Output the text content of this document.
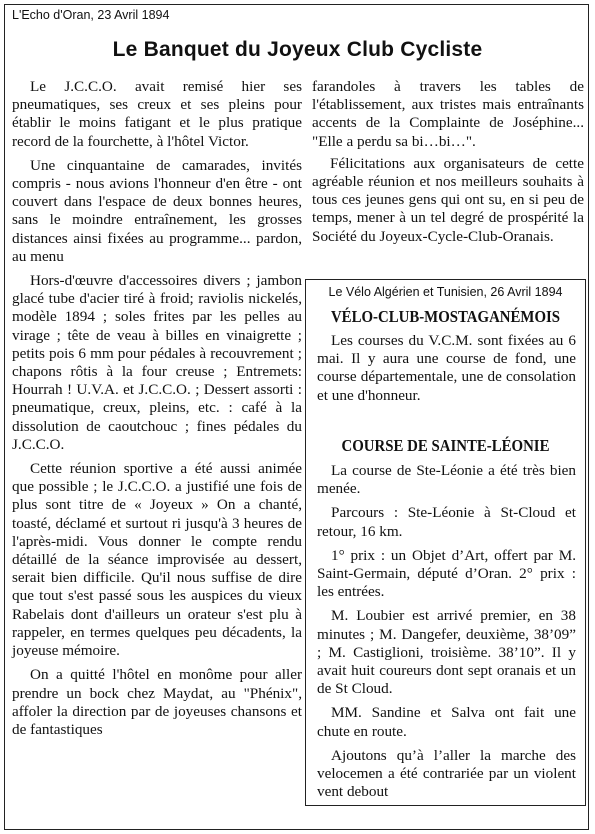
L'Echo d'Oran, 23 Avril 1894
Le Banquet du Joyeux Club Cycliste

Le J.C.C.O. avait remisé hier ses pneumatiques, ses creux et ses pleins pour établir le moins fatigant et le plus pratique record de la fourchette, à l'hôtel Victor.

Une cinquantaine de camarades, invités compris - nous avions l'honneur d'en être - ont couvert dans l'espace de deux bonnes heures, sans le moindre entraînement, les grosses distances ainsi fixées au programme... pardon, au menu

Hors-d'œuvre d'accessoires divers ; jambon glacé tube d'acier tiré à froid; raviolis nickelés, modèle 1894 ; soles frites par les pelles au virage ; tête de veau à billes en vinaigrette ; petits pois 6 mm pour pédales à recouvrement ; chapons rôtis à la four creuse ; Entremets: Hourrah ! U.V.A. et J.C.C.O. ; Dessert assorti : pneumatique, creux, pleins, etc. : café à la dissolution de caoutchouc ; fines pédales du J.C.C.O.

Cette réunion sportive a été aussi animée que possible ; le J.C.C.O. a justifié une fois de plus sont titre de « Joyeux » On a chanté, toasté, déclamé et surtout ri jusqu'à 3 heures de l'après-midi. Vous donner le compte rendu détaillé de la séance improvisée au dessert, serait bien difficile. Qu'il nous suffise de dire que tout s'est passé sous les auspices du vieux Rabelais dont d'ailleurs un orateur s'est plu à rappeler, en termes quelques peu décadents, la joyeuse mémoire.

On a quitté l'hôtel en monôme pour aller prendre un bock chez Maydat, au "Phénix", affoler la direction par de joyeuses chansons et de fantastiques

farandoles à travers les tables de l'établissement, aux tristes mais entraînants accents de la Complainte de Joséphine... "Elle a perdu sa bi…bi…".

Félicitations aux organisateurs de cette agréable réunion et nos meilleurs souhaits à tous ces jeunes gens qui ont su, en si peu de temps, mener à un tel degré de prospérité la Société du Joyeux-Cycle-Club-Oranais.

Le Vélo Algérien et Tunisien, 26 Avril 1894
VÉLO-CLUB-MOSTAGANÉMOIS

Les courses du V.C.M. sont fixées au 6 mai. Il y aura une course de fond, une course départementale, une de consolation et une d'honneur.

COURSE DE SAINTE-LÉONIE

La course de Ste-Léonie a été très bien menée.

Parcours : Ste-Léonie à St-Cloud et retour, 16 km.

1° prix : un Objet d’Art, offert par M. Saint-Germain, député d’Oran. 2° prix : les entrées.

M. Loubier est arrivé premier, en 38 minutes ; M. Dangefer, deuxième, 38’09” ; M. Castiglioni, troisième. 38’10”. Il y avait huit coureurs dont sept oranais et un de St Cloud.

MM. Sandine et Salva ont fait une chute en route.

Ajoutons qu’à l’aller la marche des velocemen a été contrariée par un violent vent debout
